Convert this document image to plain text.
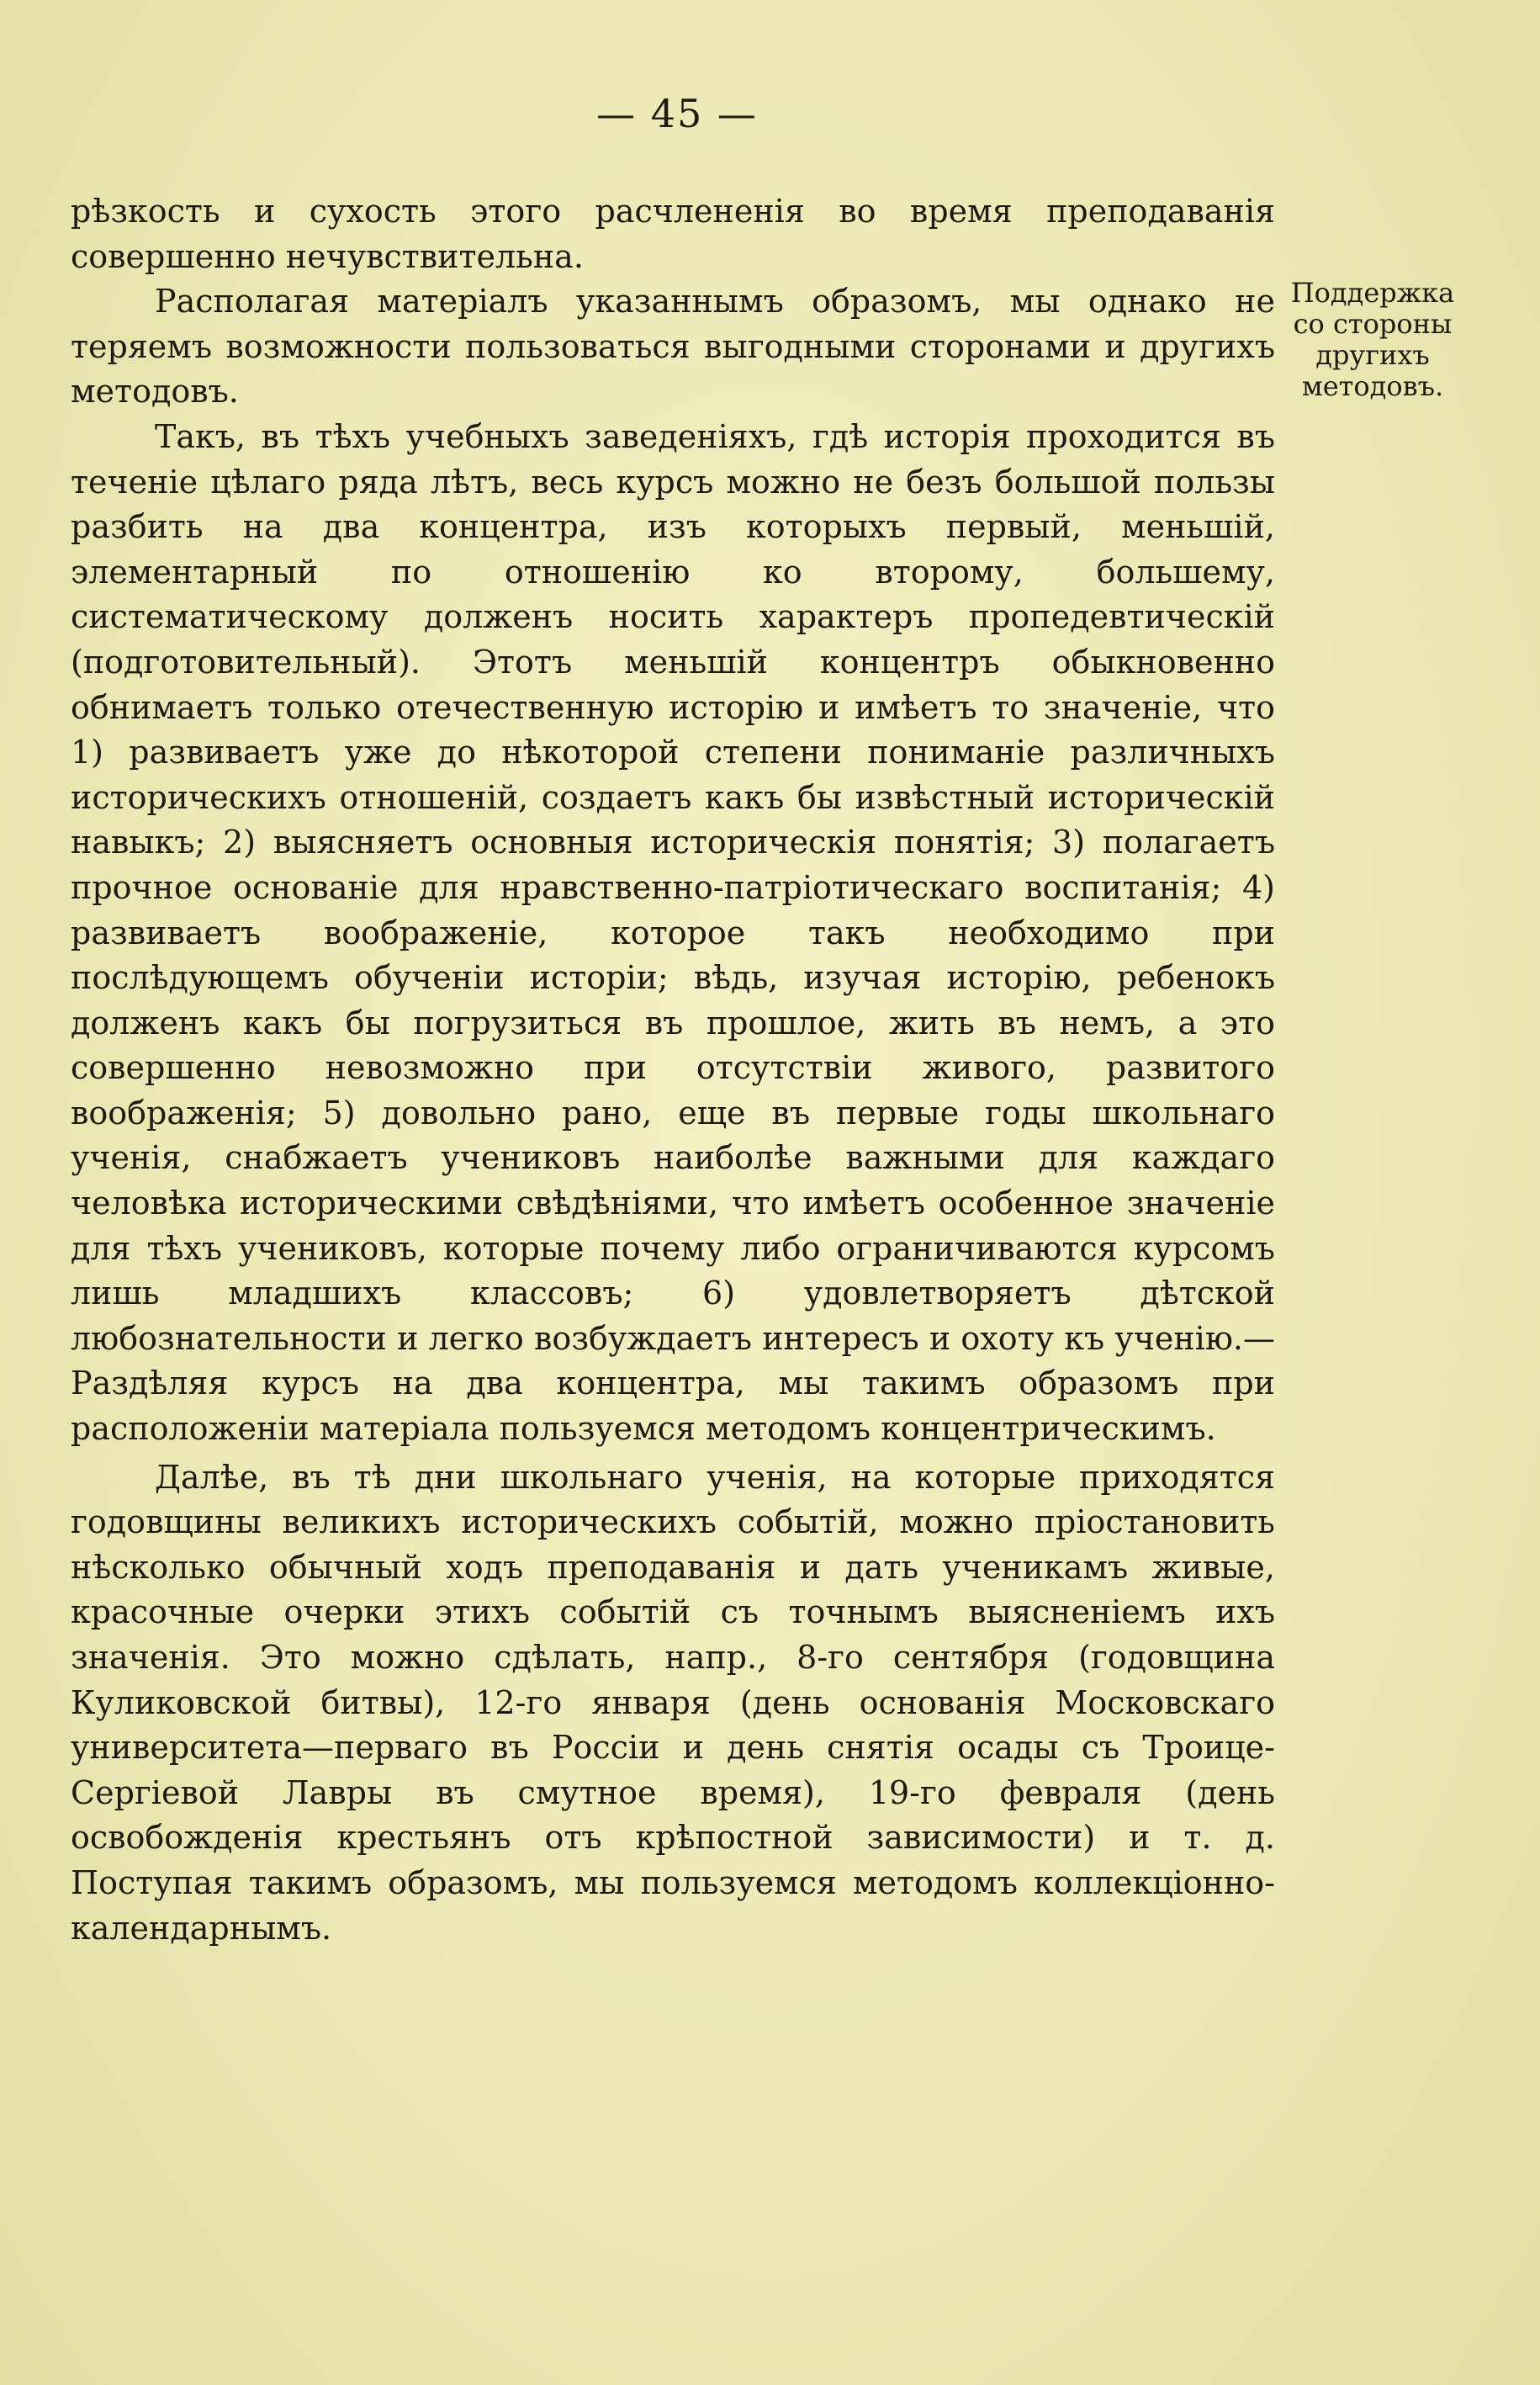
— 45 —

рѣзкость и сухость этого расчлененія во время преподаванія совершенно нечувствительна.

Располагая матеріалъ указаннымъ образомъ, мы однако не теряемъ возможности пользоваться выгодными сторонами и другихъ методовъ.

Такъ, въ тѣхъ учебныхъ заведеніяхъ, гдѣ исторія проходится въ теченіе цѣлаго ряда лѣтъ, весь курсъ можно не безъ большой пользы разбить на два концентра, изъ которыхъ первый, меньшій, элементарный по отношенію ко второму, большему, систематическому долженъ носить характеръ пропедевтическій (подготовительный). Этотъ меньшій концентръ обыкновенно обнимаетъ только отечественную исторію и имѣетъ то значеніе, что 1) развиваетъ уже до нѣкоторой степени пониманіе различныхъ историческихъ отношеній, создаетъ какъ бы извѣстный историческій навыкъ; 2) выясняетъ основныя историческія понятія; 3) полагаетъ прочное основаніе для нравственно-патріотическаго воспитанія; 4) развиваетъ воображеніе, которое такъ необходимо при послѣдующемъ обученіи исторіи; вѣдь, изучая исторію, ребенокъ долженъ какъ бы погрузиться въ прошлое, жить въ немъ, а это совершенно невозможно при отсутствіи живого, развитого воображенія; 5) довольно рано, еще въ первые годы школьнаго ученія, снабжаетъ учениковъ наиболѣе важными для каждаго человѣка историческими свѣдѣніями, что имѣетъ особенное значеніе для тѣхъ учениковъ, которые почему либо ограничиваются курсомъ лишь младшихъ классовъ; 6) удовлетворяетъ дѣтской любознательности и легко возбуждаетъ интересъ и охоту къ ученію.—Раздѣляя курсъ на два концентра, мы такимъ образомъ при расположеніи матеріала пользуемся методомъ концентрическимъ.

Далѣе, въ тѣ дни школьнаго ученія, на которые приходятся годовщины великихъ историческихъ событій, можно пріостановить нѣсколько обычный ходъ преподаванія и дать ученикамъ живые, красочные очерки этихъ событій съ точнымъ выясненіемъ ихъ значенія. Это можно сдѣлать, напр., 8-го сентября (годовщина Куликовской битвы), 12-го января (день основанія Московскаго университета—перваго въ Россіи и день снятія осады съ Троице-Сергіевой Лавры въ смутное время), 19-го февраля (день освобожденія крестьянъ отъ крѣпостной зависимости) и т. д. Поступая такимъ образомъ, мы пользуемся методомъ коллекціонно-календарнымъ.

Поддержка со стороны другихъ методовъ.
